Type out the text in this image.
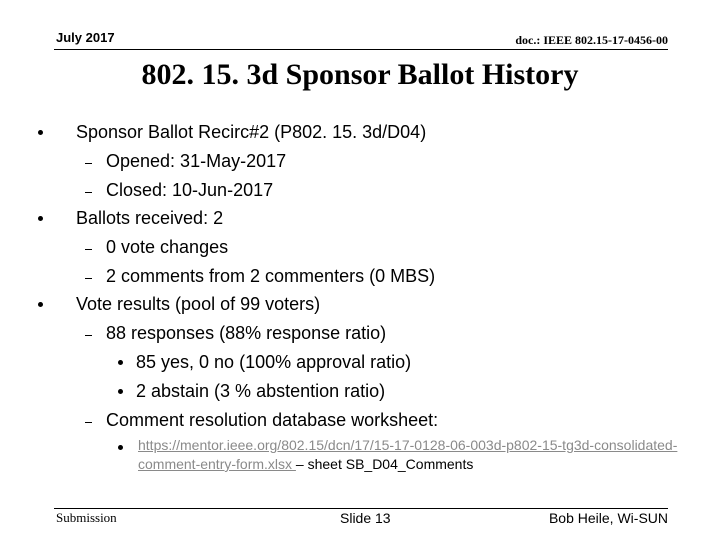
July 2017	doc.: IEEE 802.15-17-0456-00
802. 15. 3d Sponsor Ballot History
Sponsor Ballot Recirc#2 (P802. 15. 3d/D04)
Opened: 31-May-2017
Closed: 10-Jun-2017
Ballots received: 2
0 vote changes
2 comments from 2 commenters (0 MBS)
Vote results (pool of 99 voters)
88 responses (88% response ratio)
85 yes, 0 no (100% approval ratio)
2 abstain (3 % abstention ratio)
Comment resolution database worksheet:
https://mentor.ieee.org/802.15/dcn/17/15-17-0128-06-003d-p802-15-tg3d-consolidated-comment-entry-form.xlsx – sheet SB_D04_Comments
Submission	Slide 13	Bob Heile, Wi-SUN
